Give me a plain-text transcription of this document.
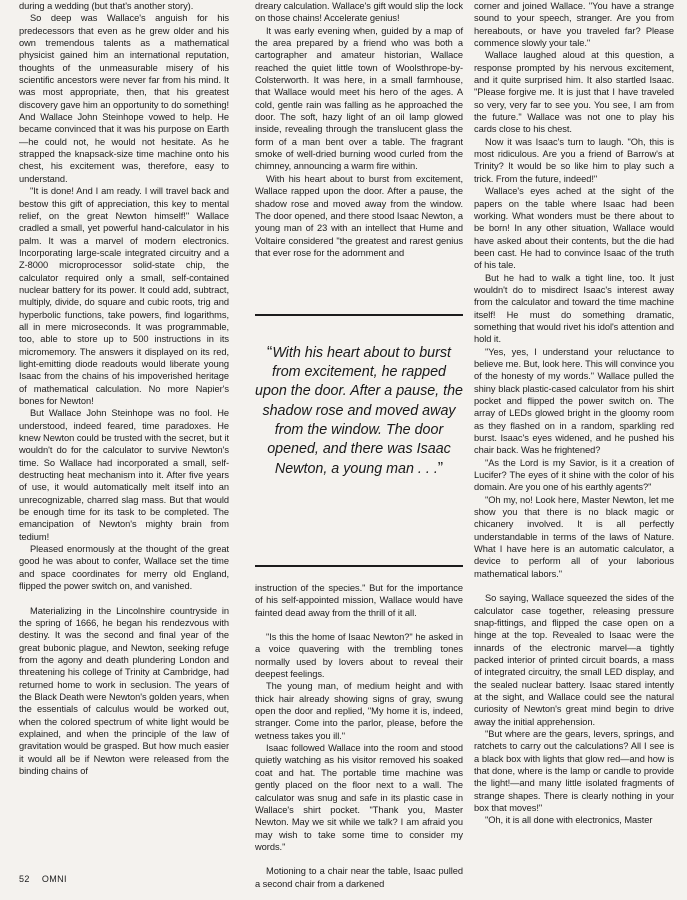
during a wedding (but that's another story).

So deep was Wallace's anguish for his predecessors that even as he grew older and his own tremendous talents as a mathematical physicist gained him an international reputation, thoughts of the unmeasurable misery of his scientific ancestors were never far from his mind. It was most appropriate, then, that his greatest discovery gave him an opportunity to do something! And Wallace John Steinhope vowed to help. He became convinced that it was his purpose on Earth—he could not, he would not hesitate. As he strapped the knapsack-size time machine onto his chest, his excitement was, therefore, easy to understand.

"It is done! And I am ready. I will travel back and bestow this gift of appreciation, this key to mental relief, on the great Newton himself!" Wallace cradled a small, yet powerful hand-calculator in his palm. It was a marvel of modern electronics. Incorporating large-scale integrated circuitry and a Z-8000 microprocessor solid-state chip, the calculator required only a small, self-contained nuclear battery for its power. It could add, subtract, multiply, divide, do square and cubic roots, trig and hyperbolic functions, take powers, find logarithms, all in mere microseconds. It was programmable, too, able to store up to 500 instructions in its micromemory. The answers it displayed on its red, light-emitting diode readouts would liberate young Isaac from the chains of his impoverished heritage of mathematical calculation. No more Napier's bones for Newton!

But Wallace John Steinhope was no fool. He understood, indeed feared, time paradoxes. He knew Newton could be trusted with the secret, but it wouldn't do for the calculator to survive Newton's time. So Wallace had incorporated a small, self-destructing heat mechanism into it. After five years of use, it would automatically melt itself into an unrecognizable, charred slag mass. But that would be enough time for its task to be completed. The emancipation of Newton's mighty brain from tedium!

Pleased enormously at the thought of the great good he was about to confer, Wallace set the time and space coordinates for merry old England, flipped the power switch on, and vanished.

Materializing in the Lincolnshire countryside in the spring of 1666, he began his rendezvous with destiny. It was the second and final year of the great bubonic plague, and Newton, seeking refuge from the agony and death plundering London and threatening his college of Trinity at Cambridge, had returned home to work in seclusion. The years of the Black Death were Newton's golden years, when the essentials of calculus would be worked out, when the colored spectrum of white light would be explained, and when the principle of the law of gravitation would be grasped. But how much easier it would all be if Newton were released from the binding chains of

dreary calculation. Wallace's gift would slip the lock on those chains! Accelerate genius!

It was early evening when, guided by a map of the area prepared by a friend who was both a cartographer and amateur historian, Wallace reached the quiet little town of Woolsthrope-by-Colsterworth. It was here, in a small farmhouse, that Wallace would meet his hero of the ages. A cold, gentle rain was falling as he approached the door. The soft, hazy light of an oil lamp glowed inside, revealing through the translucent glass the form of a man bent over a table. The fragrant smoke of well-dried burning wood curled from the chimney, announcing a warm fire within.

With his heart about to burst from excitement, Wallace rapped upon the door. After a pause, the shadow rose and moved away from the window. The door opened, and there stood Isaac Newton, a young man of 23 with an intellect that Hume and Voltaire considered "the greatest and rarest genius that ever rose for the adornment and

“With his heart about to burst from excitement, he rapped upon the door. After a pause, the shadow rose and moved away from the window. The door opened, and there was Isaac Newton, a young man . . .”

instruction of the species." But for the importance of his self-appointed mission, Wallace would have fainted dead away from the thrill of it all.

"Is this the home of Isaac Newton?" he asked in a voice quavering with the trembling tones normally used by lovers about to reveal their deepest feelings.

The young man, of medium height and with thick hair already showing signs of gray, swung open the door and replied, "My home it is, indeed, stranger. Come into the parlor, please, before the wetness takes you ill."

Isaac followed Wallace into the room and stood quietly watching as his visitor removed his soaked coat and hat. The portable time machine was gently placed on the floor next to a wall. The calculator was snug and safe in its plastic case in Wallace's shirt pocket. "Thank you, Master Newton. May we sit while we talk? I am afraid you may wish to take some time to consider my words."

Motioning to a chair near the table, Isaac pulled a second chair from a darkened

corner and joined Wallace. "You have a strange sound to your speech, stranger. Are you from hereabouts, or have you traveled far? Please commence slowly your tale."

Wallace laughed aloud at this question, a response prompted by his nervous excitement, and it quite surprised him. It also startled Isaac. "Please forgive me. It is just that I have traveled so very, very far to see you. You see, I am from the future." Wallace was not one to play his cards close to his chest.

Now it was Isaac's turn to laugh. "Oh, this is most ridiculous. Are you a friend of Barrow's at Trinity? It would be so like him to play such a trick. From the future, indeed!"

Wallace's eyes ached at the sight of the papers on the table where Isaac had been working. What wonders must be there about to be born! In any other situation, Wallace would have asked about their contents, but the die had been cast. He had to convince Isaac of the truth of his tale.

But he had to walk a tight line, too. It just wouldn't do to misdirect Isaac's interest away from the calculator and toward the time machine itself! He must do something dramatic, something that would rivet his idol's attention and hold it.

"Yes, yes, I understand your reluctance to believe me. But, look here. This will convince you of the honesty of my words." Wallace pulled the shiny black plastic-cased calculator from his shirt pocket and flipped the power switch on. The array of LEDs glowed bright in the gloomy room as they flashed on in a random, sparkling red burst. Isaac's eyes widened, and he pushed his chair back. Was he frightened?

"As the Lord is my Savior, is it a creation of Lucifer? The eyes of it shine with the color of his domain. Are you one of his earthly agents?"

"Oh my, no! Look here, Master Newton, let me show you that there is no black magic or chicanery involved. It is all perfectly understandable in terms of the laws of Nature. What I have here is an automatic calculator, a device to perform all of your laborious mathematical labors."

So saying, Wallace squeezed the sides of the calculator case together, releasing pressure snap-fittings, and flipped the case open on a hinge at the top. Revealed to Isaac were the innards of the electronic marvel—a tightly packed interior of printed circuit boards, a mass of integrated circuitry, the small LED display, and the sealed nuclear battery. Isaac stared intently at the sight, and Wallace could see the natural curiosity of Newton's great mind begin to drive away the initial apprehension.

"But where are the gears, levers, springs, and ratchets to carry out the calculations? All I see is a black box with lights that glow red—and how is that done, where is the lamp or candle to provide the light!—and many little isolated fragments of strange shapes. There is clearly nothing in your box that moves!"

"Oh, it is all done with electronics, Master

52 OMNI
